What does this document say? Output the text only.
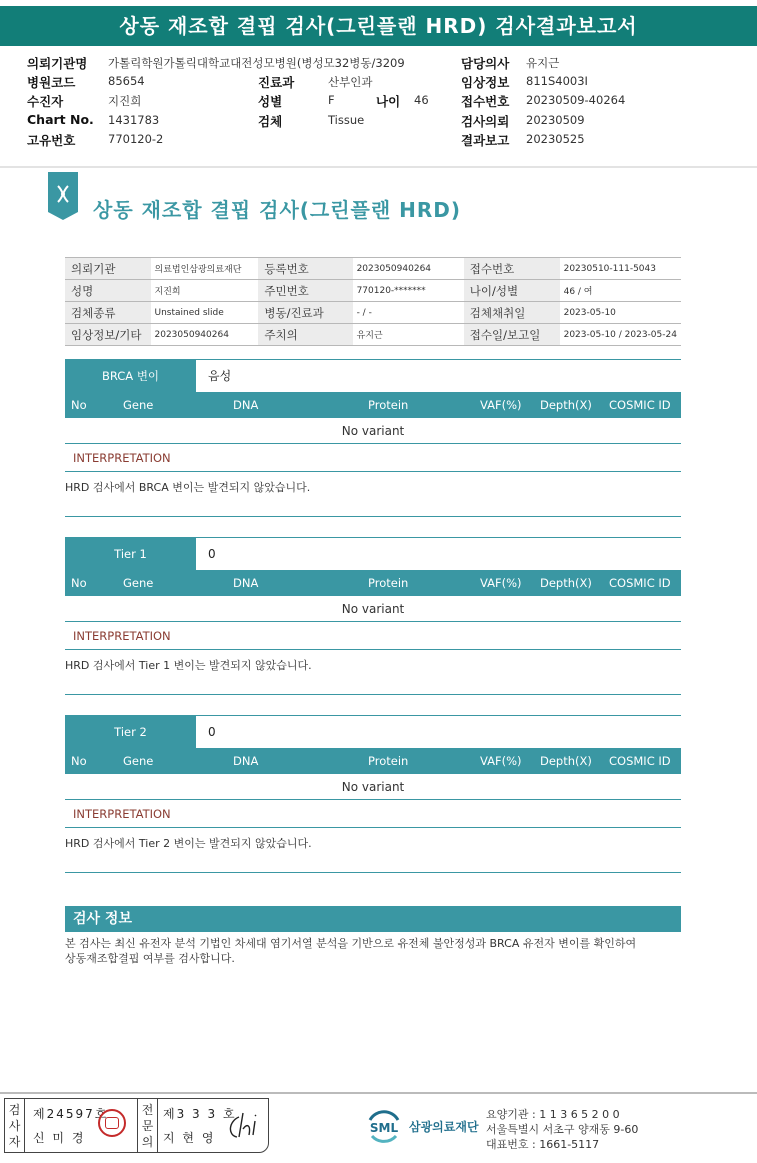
상동 재조합 결핍 검사(그린플랜 HRD) 검사결과보고서
의뢰기관명 가톨릭학원가톨릭대학교대전성모병원(병성모32병동/3209	담당의사 유지근
병원코드	85654	진료과	산부인과	임상정보 811S4003I
수진자	지진희	성별	F	나이 46	접수번호 20230509-40264
Chart No. 1431783	검체	Tissue	검사의뢰 20230509
고유번호	770120-2	결과보고 20230525
상동 재조합 결핍 검사(그린플랜 HRD)
의뢰기관	의료법인삼광의료재단	등록번호	2023050940264	접수번호	20230510-111-5043
성명	지진희	주민번호	770120-*******	나이/성별	46 / 여
검체종류	Unstained slide	병동/진료과	- / -	검체채취일	2023-05-10
임상정보/기타	2023050940264	주치의	유지근	접수일/보고일	2023-05-10 / 2023-05-24
BRCA 변이	음성
No	Gene	DNA	Protein	VAF(%) Depth(X) COSMIC ID
No variant
INTERPRETATION
HRD 검사에서 BRCA 변이는 발견되지 않았습니다.
Tier 1	0
No	Gene	DNA	Protein	VAF(%) Depth(X) COSMIC ID
No variant
INTERPRETATION
HRD 검사에서 Tier 1 변이는 발견되지 않았습니다.
Tier 2	0
No	Gene	DNA	Protein	VAF(%) Depth(X) COSMIC ID
No variant
INTERPRETATION
HRD 검사에서 Tier 2 변이는 발견되지 않았습니다.
검사 정보
본 검사는 최신 유전자 분석 기법인 차세대 염기서열 분석을 기반으로 유전체 불안정성과 BRCA 유전자 변이를 확인하여
상동재조합결핍 여부를 검사합니다.
검사자
제24597호
신 미 경
전문의
제3 3 3 호
지 현 영
SML 삼광의료재단
요양기관 : 1 1 3 6 5 2 0 0
서울특별시 서초구 양재동 9-60
대표번호 : 1661-5117
